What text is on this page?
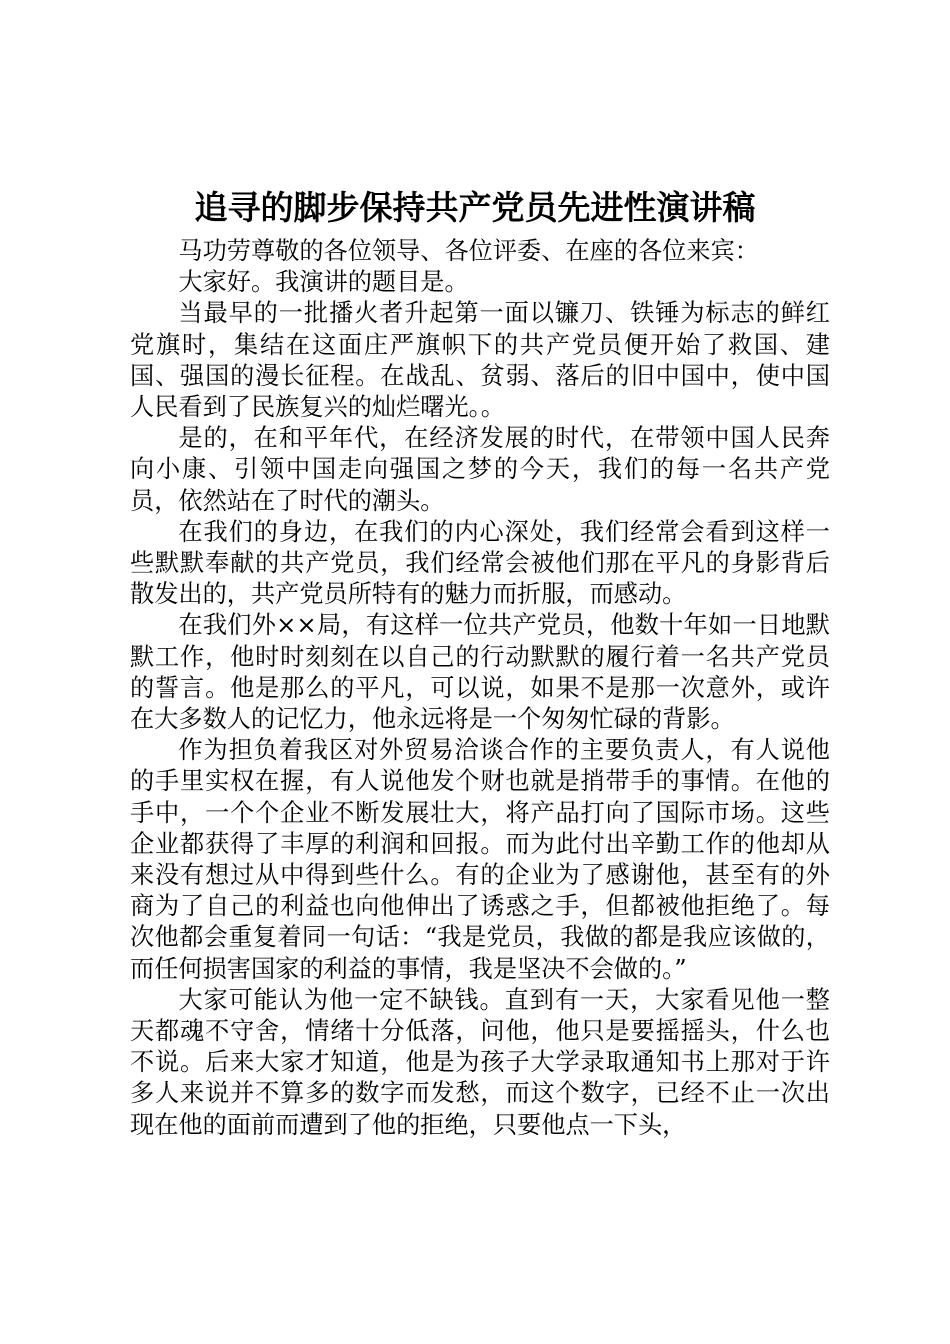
追寻的脚步保持共产党员先进性演讲稿

马功劳尊敬的各位领导、各位评委、在座的各位来宾：

大家好。我演讲的题目是。

当最早的一批播火者升起第一面以镰刀、铁锤为标志的鲜红党旗时，集结在这面庄严旗帜下的共产党员便开始了救国、建国、强国的漫长征程。在战乱、贫弱、落后的旧中国中，使中国人民看到了民族复兴的灿烂曙光。。

是的，在和平年代，在经济发展的时代，在带领中国人民奔向小康、引领中国走向强国之梦的今天，我们的每一名共产党员，依然站在了时代的潮头。

在我们的身边，在我们的内心深处，我们经常会看到这样一些默默奉献的共产党员，我们经常会被他们那在平凡的身影背后散发出的，共产党员所特有的魅力而折服，而感动。

在我们外××局，有这样一位共产党员，他数十年如一日地默默工作，他时时刻刻在以自己的行动默默的履行着一名共产党员的誓言。他是那么的平凡，可以说，如果不是那一次意外，或许在大多数人的记忆力，他永远将是一个匆匆忙碌的背影。

作为担负着我区对外贸易洽谈合作的主要负责人，有人说他的手里实权在握，有人说他发个财也就是捎带手的事情。在他的手中，一个个企业不断发展壮大，将产品打向了国际市场。这些企业都获得了丰厚的利润和回报。而为此付出辛勤工作的他却从来没有想过从中得到些什么。有的企业为了感谢他，甚至有的外商为了自己的利益也向他伸出了诱惑之手，但都被他拒绝了。每次他都会重复着同一句话：“我是党员，我做的都是我应该做的，而任何损害国家的利益的事情，我是坚决不会做的。”

大家可能认为他一定不缺钱。直到有一天，大家看见他一整天都魂不守舍，情绪十分低落，问他，他只是要摇摇头，什么也不说。后来大家才知道，他是为孩子大学录取通知书上那对于许多人来说并不算多的数字而发愁，而这个数字，已经不止一次出现在他的面前而遭到了他的拒绝，只要他点一下头，
